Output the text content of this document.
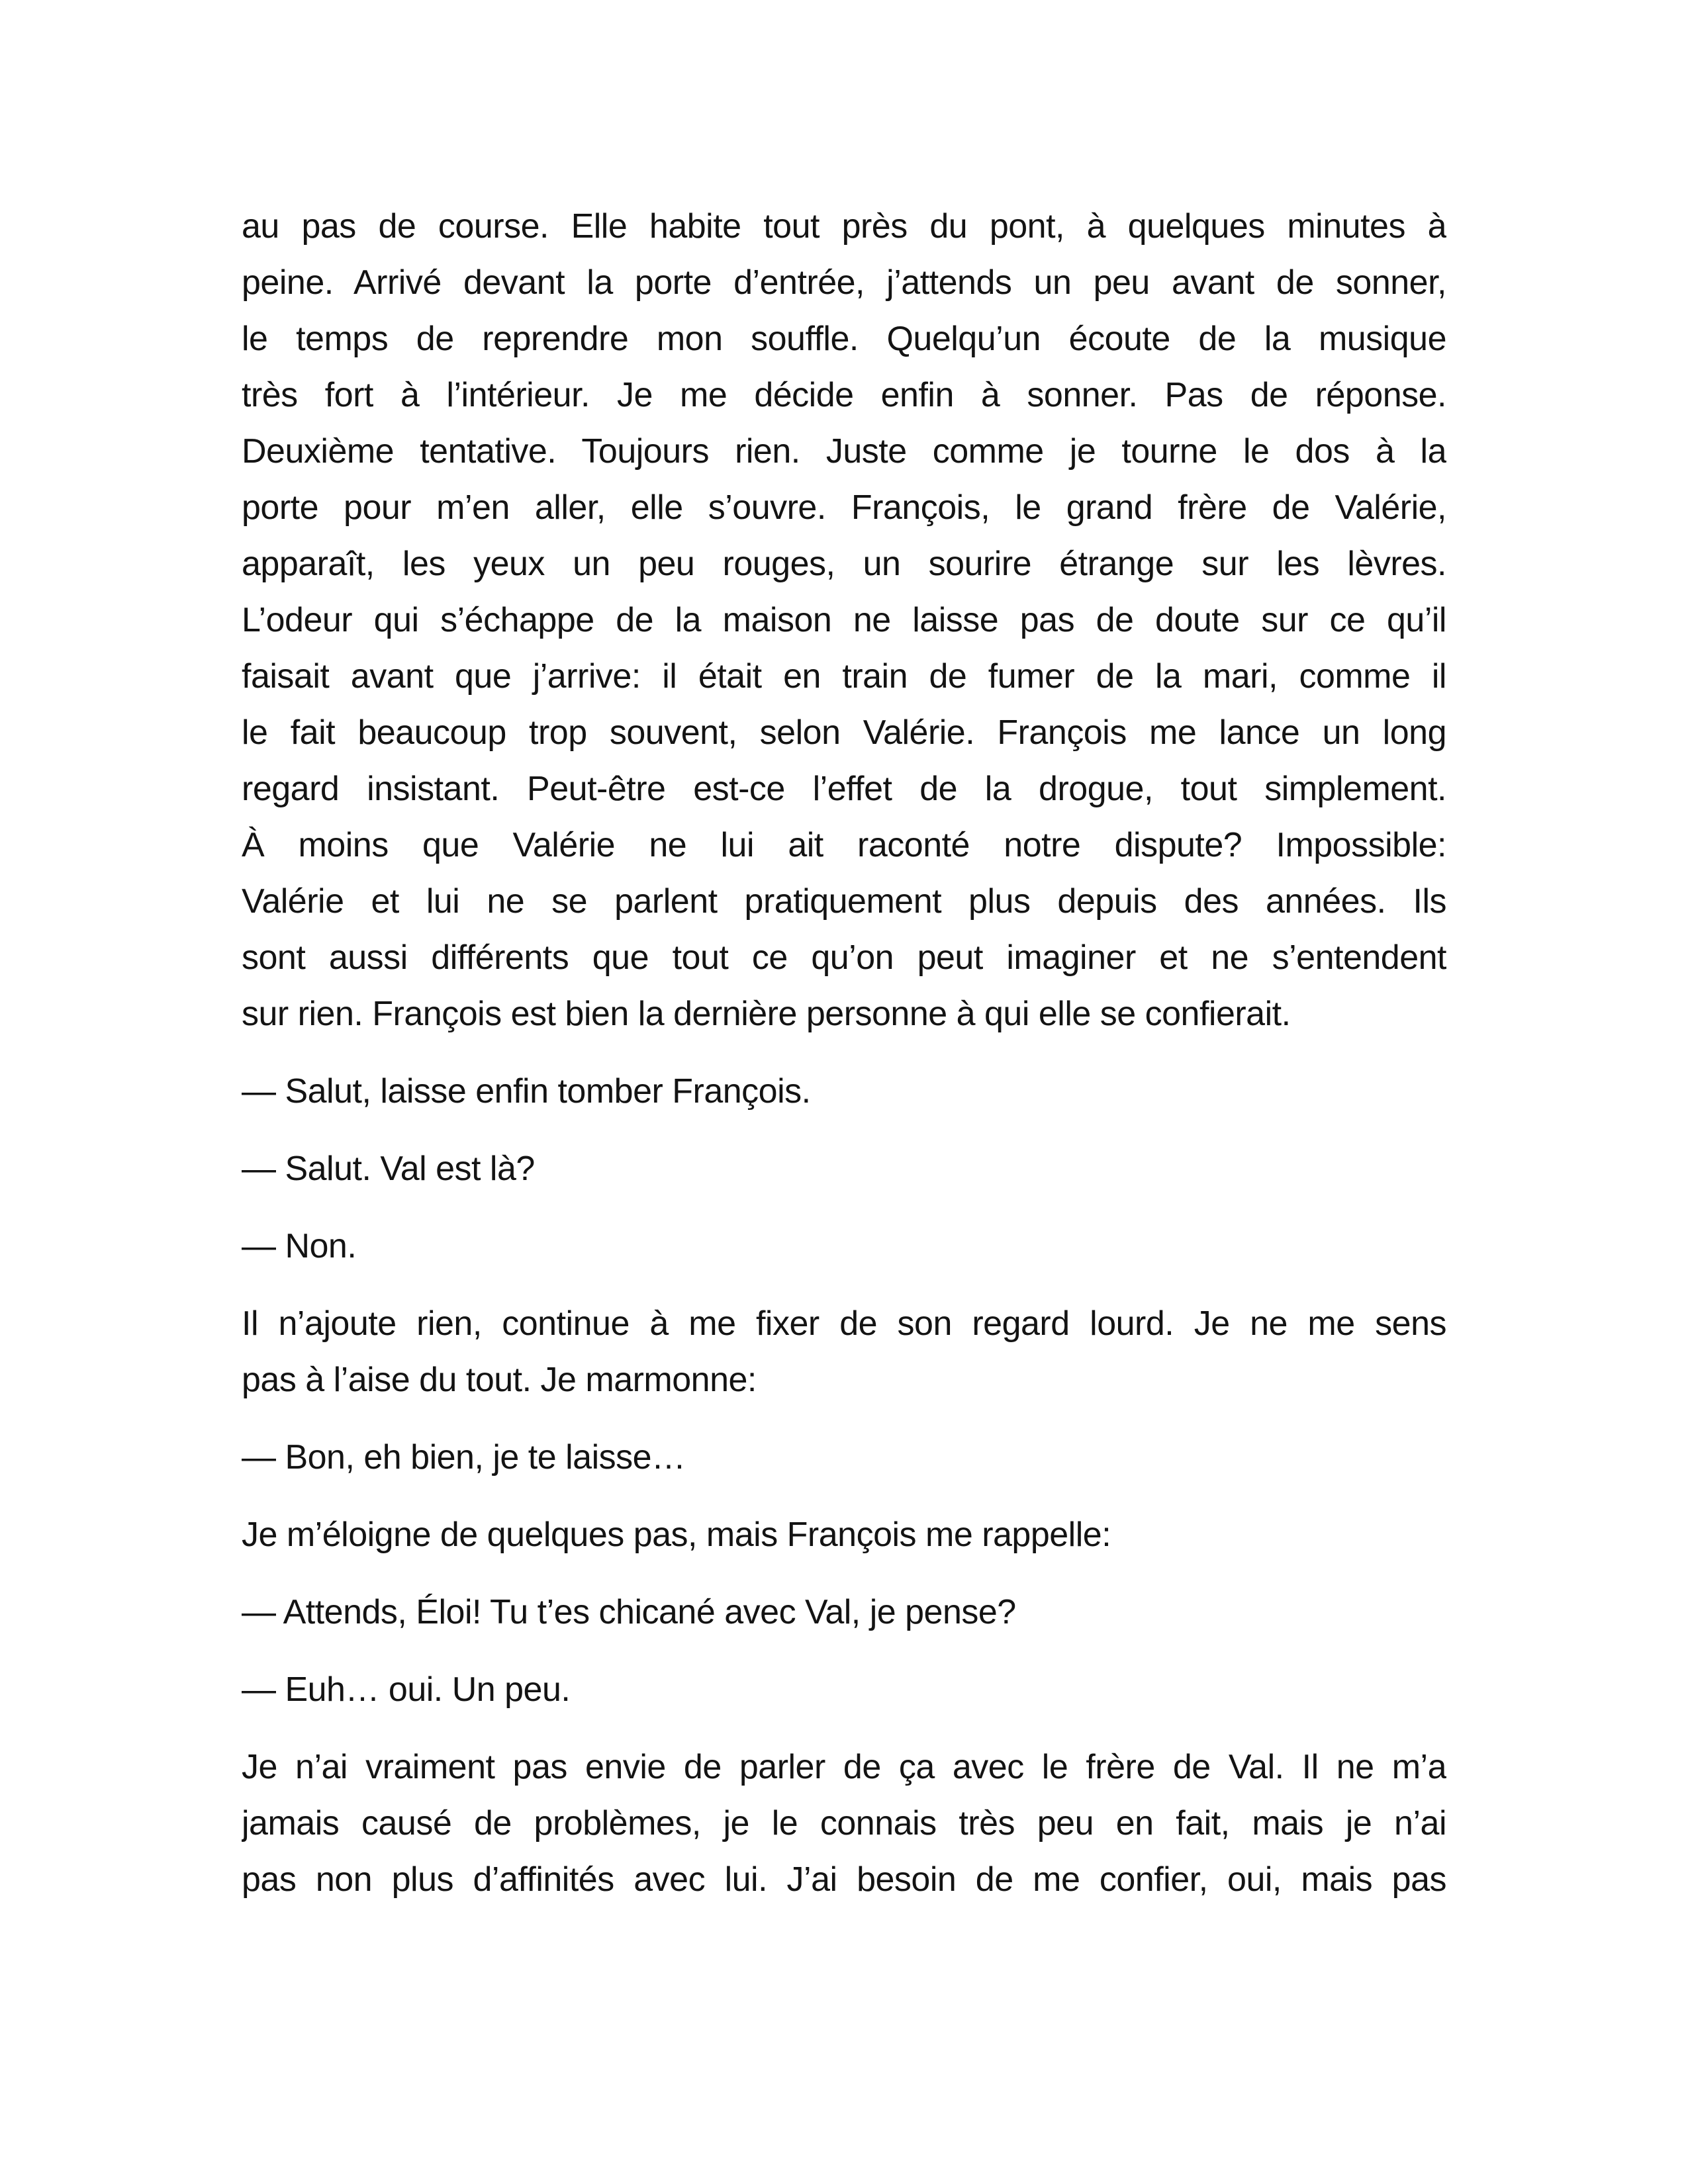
au pas de course. Elle habite tout près du pont, à quelques minutes à
peine. Arrivé devant la porte d’entrée, j’attends un peu avant de sonner,
le temps de reprendre mon souffle. Quelqu’un écoute de la musique
très fort à l’intérieur. Je me décide enfin à sonner. Pas de réponse.
Deuxième tentative. Toujours rien. Juste comme je tourne le dos à la
porte pour m’en aller, elle s’ouvre. François, le grand frère de Valérie,
apparaît, les yeux un peu rouges, un sourire étrange sur les lèvres.
L’odeur qui s’échappe de la maison ne laisse pas de doute sur ce qu’il
faisait avant que j’arrive: il était en train de fumer de la mari, comme il
le fait beaucoup trop souvent, selon Valérie. François me lance un long
regard insistant. Peut-être est-ce l’effet de la drogue, tout simplement.
À moins que Valérie ne lui ait raconté notre dispute? Impossible:
Valérie et lui ne se parlent pratiquement plus depuis des années. Ils
sont aussi différents que tout ce qu’on peut imaginer et ne s’entendent
sur rien. François est bien la dernière personne à qui elle se confierait.
— Salut, laisse enfin tomber François.
— Salut. Val est là?
— Non.
Il n’ajoute rien, continue à me fixer de son regard lourd. Je ne me sens
pas à l’aise du tout. Je marmonne:
— Bon, eh bien, je te laisse…
Je m’éloigne de quelques pas, mais François me rappelle:
— Attends, Éloi! Tu t’es chicané avec Val, je pense?
— Euh… oui. Un peu.
Je n’ai vraiment pas envie de parler de ça avec le frère de Val. Il ne m’a
jamais causé de problèmes, je le connais très peu en fait, mais je n’ai
pas non plus d’affinités avec lui. J’ai besoin de me confier, oui, mais pas
